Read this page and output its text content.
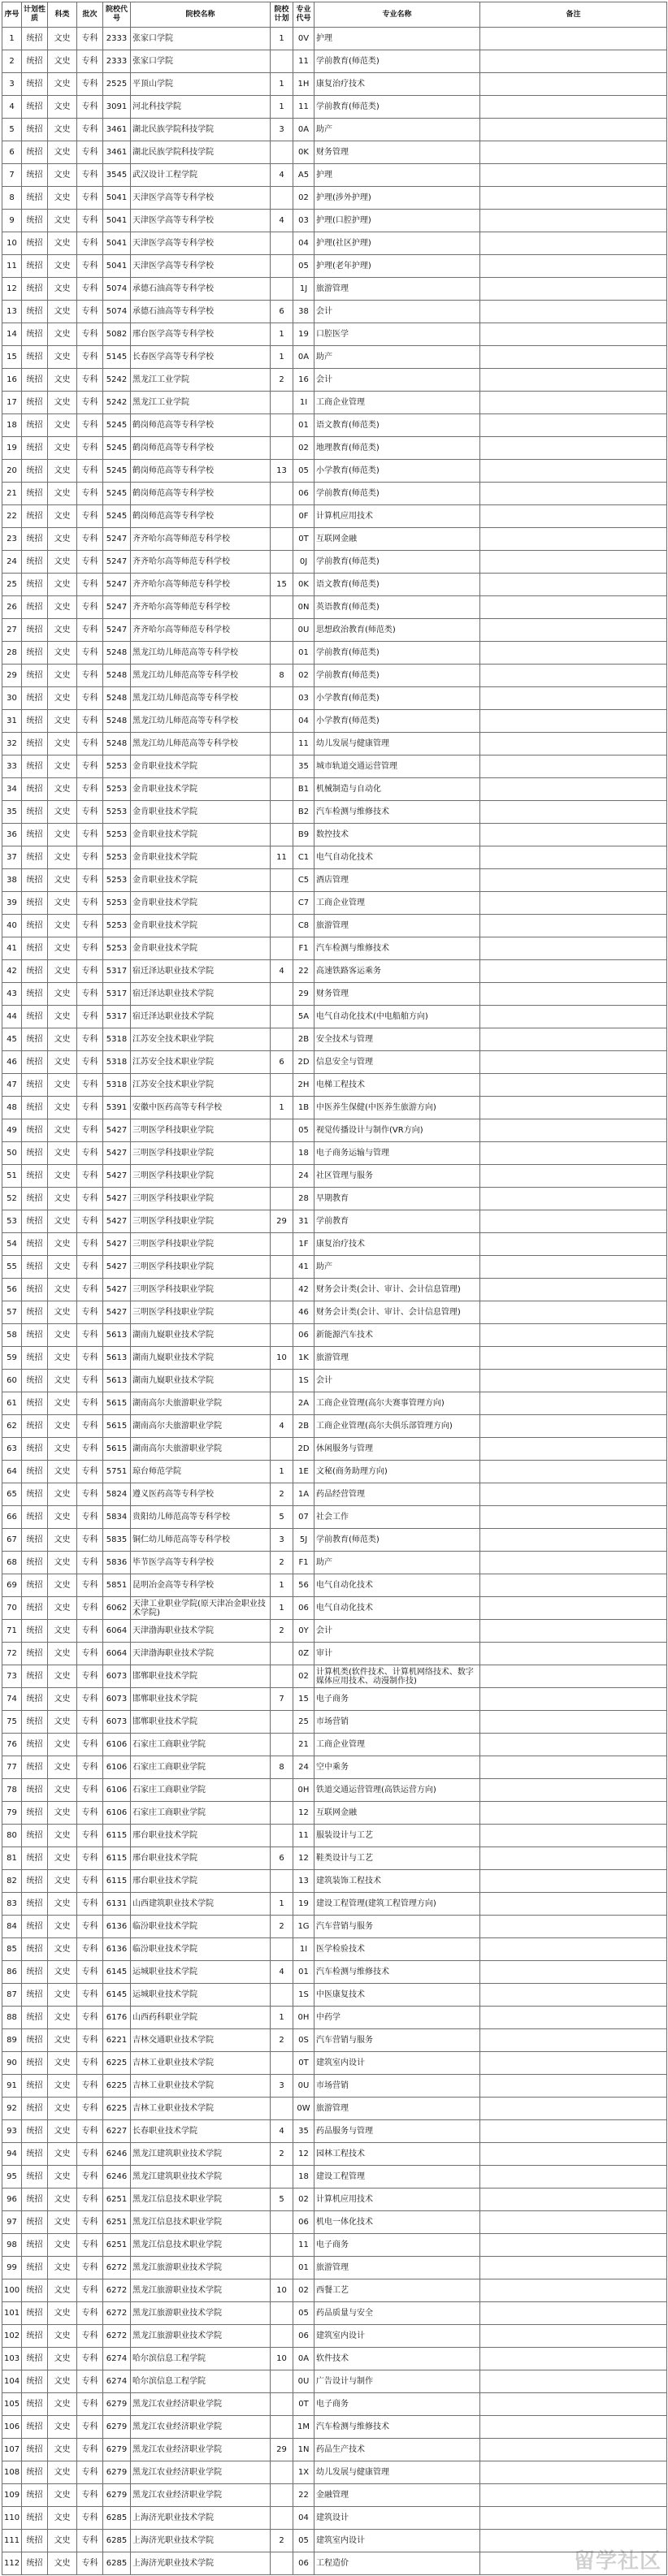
序号	计划性质	科类	批次	院校代号	院校名称	院校计划	专业代号	专业名称	备注
1	统招	文史	专科	2333	张家口学院	1	0V	护理	
2	统招	文史	专科	2333	张家口学院		11	学前教育(师范类)	
3	统招	文史	专科	2525	平顶山学院	1	1H	康复治疗技术	
4	统招	文史	专科	3091	河北科技学院	1	11	学前教育(师范类)	
5	统招	文史	专科	3461	湖北民族学院科技学院	3	0A	助产	
6	统招	文史	专科	3461	湖北民族学院科技学院		0K	财务管理	
7	统招	文史	专科	3545	武汉设计工程学院	4	A5	护理	
8	统招	文史	专科	5041	天津医学高等专科学校		02	护理(涉外护理)	
9	统招	文史	专科	5041	天津医学高等专科学校	4	03	护理(口腔护理)	
10	统招	文史	专科	5041	天津医学高等专科学校		04	护理(社区护理)	
11	统招	文史	专科	5041	天津医学高等专科学校		05	护理(老年护理)	
12	统招	文史	专科	5074	承德石油高等专科学校		1J	旅游管理	
13	统招	文史	专科	5074	承德石油高等专科学校	6	38	会计	
14	统招	文史	专科	5082	邢台医学高等专科学校	1	19	口腔医学	
15	统招	文史	专科	5145	长春医学高等专科学校	1	0A	助产	
16	统招	文史	专科	5242	黑龙江工业学院	2	16	会计	
17	统招	文史	专科	5242	黑龙江工业学院		1I	工商企业管理	
18	统招	文史	专科	5245	鹤岗师范高等专科学校		01	语文教育(师范类)	
19	统招	文史	专科	5245	鹤岗师范高等专科学校		02	地理教育(师范类)	
20	统招	文史	专科	5245	鹤岗师范高等专科学校	13	05	小学教育(师范类)	
21	统招	文史	专科	5245	鹤岗师范高等专科学校		06	学前教育(师范类)	
22	统招	文史	专科	5245	鹤岗师范高等专科学校		0F	计算机应用技术	
23	统招	文史	专科	5247	齐齐哈尔高等师范专科学校		0T	互联网金融	
24	统招	文史	专科	5247	齐齐哈尔高等师范专科学校		0J	学前教育(师范类)	
25	统招	文史	专科	5247	齐齐哈尔高等师范专科学校	15	0K	语文教育(师范类)	
26	统招	文史	专科	5247	齐齐哈尔高等师范专科学校		0N	英语教育(师范类)	
27	统招	文史	专科	5247	齐齐哈尔高等师范专科学校		0U	思想政治教育(师范类)	
28	统招	文史	专科	5248	黑龙江幼儿师范高等专科学校		01	学前教育(师范类)	
29	统招	文史	专科	5248	黑龙江幼儿师范高等专科学校	8	02	学前教育(师范类)	
30	统招	文史	专科	5248	黑龙江幼儿师范高等专科学校		03	小学教育(师范类)	
31	统招	文史	专科	5248	黑龙江幼儿师范高等专科学校		04	小学教育(师范类)	
32	统招	文史	专科	5248	黑龙江幼儿师范高等专科学校		11	幼儿发展与健康管理	
33	统招	文史	专科	5253	金肯职业技术学院		35	城市轨道交通运营管理	
34	统招	文史	专科	5253	金肯职业技术学院		B1	机械制造与自动化	
35	统招	文史	专科	5253	金肯职业技术学院		B2	汽车检测与维修技术	
36	统招	文史	专科	5253	金肯职业技术学院		B9	数控技术	
37	统招	文史	专科	5253	金肯职业技术学院	11	C1	电气自动化技术	
38	统招	文史	专科	5253	金肯职业技术学院		C5	酒店管理	
39	统招	文史	专科	5253	金肯职业技术学院		C7	工商企业管理	
40	统招	文史	专科	5253	金肯职业技术学院		C8	旅游管理	
41	统招	文史	专科	5253	金肯职业技术学院		F1	汽车检测与维修技术	
42	统招	文史	专科	5317	宿迁泽达职业技术学院	4	22	高速铁路客运乘务	
43	统招	文史	专科	5317	宿迁泽达职业技术学院		29	财务管理	
44	统招	文史	专科	5317	宿迁泽达职业技术学院		5A	电气自动化技术(中电船舶方向)	
45	统招	文史	专科	5318	江苏安全技术职业学院		2B	安全技术与管理	
46	统招	文史	专科	5318	江苏安全技术职业学院	6	2D	信息安全与管理	
47	统招	文史	专科	5318	江苏安全技术职业学院		2H	电梯工程技术	
48	统招	文史	专科	5391	安徽中医药高等专科学校	1	1B	中医养生保健(中医养生旅游方向)	
49	统招	文史	专科	5427	三明医学科技职业学院		05	视觉传播设计与制作(VR方向)	
50	统招	文史	专科	5427	三明医学科技职业学院		18	电子商务运输与管理	
51	统招	文史	专科	5427	三明医学科技职业学院		24	社区管理与服务	
52	统招	文史	专科	5427	三明医学科技职业学院		28	早期教育	
53	统招	文史	专科	5427	三明医学科技职业学院	29	31	学前教育	
54	统招	文史	专科	5427	三明医学科技职业学院		1F	康复治疗技术	
55	统招	文史	专科	5427	三明医学科技职业学院		41	助产	
56	统招	文史	专科	5427	三明医学科技职业学院		42	财务会计类(会计、审计、会计信息管理)	
57	统招	文史	专科	5427	三明医学科技职业学院		46	财务会计类(会计、审计、会计信息管理)	
58	统招	文史	专科	5613	湖南九嶷职业技术学院		06	新能源汽车技术	
59	统招	文史	专科	5613	湖南九嶷职业技术学院	10	1K	旅游管理	
60	统招	文史	专科	5613	湖南九嶷职业技术学院		1S	会计	
61	统招	文史	专科	5615	湖南高尔夫旅游职业学院		2A	工商企业管理(高尔夫赛事管理方向)	
62	统招	文史	专科	5615	湖南高尔夫旅游职业学院	4	2B	工商企业管理(高尔夫俱乐部管理方向)	
63	统招	文史	专科	5615	湖南高尔夫旅游职业学院		2D	休闲服务与管理	
64	统招	文史	专科	5751	琼台师范学院	1	1E	文秘(商务助理方向)	
65	统招	文史	专科	5824	遵义医药高等专科学校	2	1A	药品经营管理	
66	统招	文史	专科	5834	贵阳幼儿师范高等专科学校	5	07	社会工作	
67	统招	文史	专科	5835	铜仁幼儿师范高等专科学校	3	5J	学前教育(师范类)	
68	统招	文史	专科	5836	毕节医学高等专科学校	2	F1	助产	
69	统招	文史	专科	5851	昆明冶金高等专科学校	1	56	电气自动化技术	
70	统招	文史	专科	6062	天津工业职业学院(原天津冶金职业技术学院)	1	06	电气自动化技术	
71	统招	文史	专科	6064	天津渤海职业技术学院	2	0Y	会计	
72	统招	文史	专科	6064	天津渤海职业技术学院		0Z	审计	
73	统招	文史	专科	6073	邯郸职业技术学院		02	计算机类(软件技术、计算机网络技术、数字媒体应用技术、动漫制作技)	
74	统招	文史	专科	6073	邯郸职业技术学院	7	15	电子商务	
75	统招	文史	专科	6073	邯郸职业技术学院		25	市场营销	
76	统招	文史	专科	6106	石家庄工商职业学院		21	工商企业管理	
77	统招	文史	专科	6106	石家庄工商职业学院	8	24	空中乘务	
78	统招	文史	专科	6106	石家庄工商职业学院		0H	铁道交通运营管理(高铁运营方向)	
79	统招	文史	专科	6106	石家庄工商职业学院		12	互联网金融	
80	统招	文史	专科	6115	邢台职业技术学院		11	服装设计与工艺	
81	统招	文史	专科	6115	邢台职业技术学院	6	12	鞋类设计与工艺	
82	统招	文史	专科	6115	邢台职业技术学院		13	建筑装饰工程技术	
83	统招	文史	专科	6131	山西建筑职业技术学院	1	19	建设工程管理(建筑工程管理方向)	
84	统招	文史	专科	6136	临汾职业技术学院	2	1G	汽车营销与服务	
85	统招	文史	专科	6136	临汾职业技术学院		1I	医学检验技术	
86	统招	文史	专科	6145	运城职业技术学院	4	01	汽车检测与维修技术	
87	统招	文史	专科	6145	运城职业技术学院		1S	中医康复技术	
88	统招	文史	专科	6176	山西药科职业学院	1	0H	中药学	
89	统招	文史	专科	6221	吉林交通职业技术学院	2	0S	汽车营销与服务	
90	统招	文史	专科	6225	吉林工业职业技术学院		0T	建筑室内设计	
91	统招	文史	专科	6225	吉林工业职业技术学院	3	0U	市场营销	
92	统招	文史	专科	6225	吉林工业职业技术学院		0W	旅游管理	
93	统招	文史	专科	6227	长春职业技术学院	4	35	药品服务与管理	
94	统招	文史	专科	6246	黑龙江建筑职业技术学院	2	12	园林工程技术	
95	统招	文史	专科	6246	黑龙江建筑职业技术学院		18	建设工程管理	
96	统招	文史	专科	6251	黑龙江信息技术职业学院	5	02	计算机应用技术	
97	统招	文史	专科	6251	黑龙江信息技术职业学院		06	机电一体化技术	
98	统招	文史	专科	6251	黑龙江信息技术职业学院		11	电子商务	
99	统招	文史	专科	6272	黑龙江旅游职业技术学院		01	旅游管理	
100	统招	文史	专科	6272	黑龙江旅游职业技术学院	10	02	西餐工艺	
101	统招	文史	专科	6272	黑龙江旅游职业技术学院		05	药品质量与安全	
102	统招	文史	专科	6272	黑龙江旅游职业技术学院		06	建筑室内设计	
103	统招	文史	专科	6274	哈尔滨信息工程学院	10	0A	软件技术	
104	统招	文史	专科	6274	哈尔滨信息工程学院		0U	广告设计与制作	
105	统招	文史	专科	6279	黑龙江农业经济职业学院		0T	电子商务	
106	统招	文史	专科	6279	黑龙江农业经济职业学院		1M	汽车检测与维修技术	
107	统招	文史	专科	6279	黑龙江农业经济职业学院	29	1N	药品生产技术	
108	统招	文史	专科	6279	黑龙江农业经济职业学院		1X	幼儿发展与健康管理	
109	统招	文史	专科	6279	黑龙江农业经济职业学院		22	金融管理	
110	统招	文史	专科	6285	上海济光职业技术学院		04	建筑设计	
111	统招	文史	专科	6285	上海济光职业技术学院	2	05	建筑室内设计	
112	统招	文史	专科	6285	上海济光职业技术学院		06	工程造价		留学社区
